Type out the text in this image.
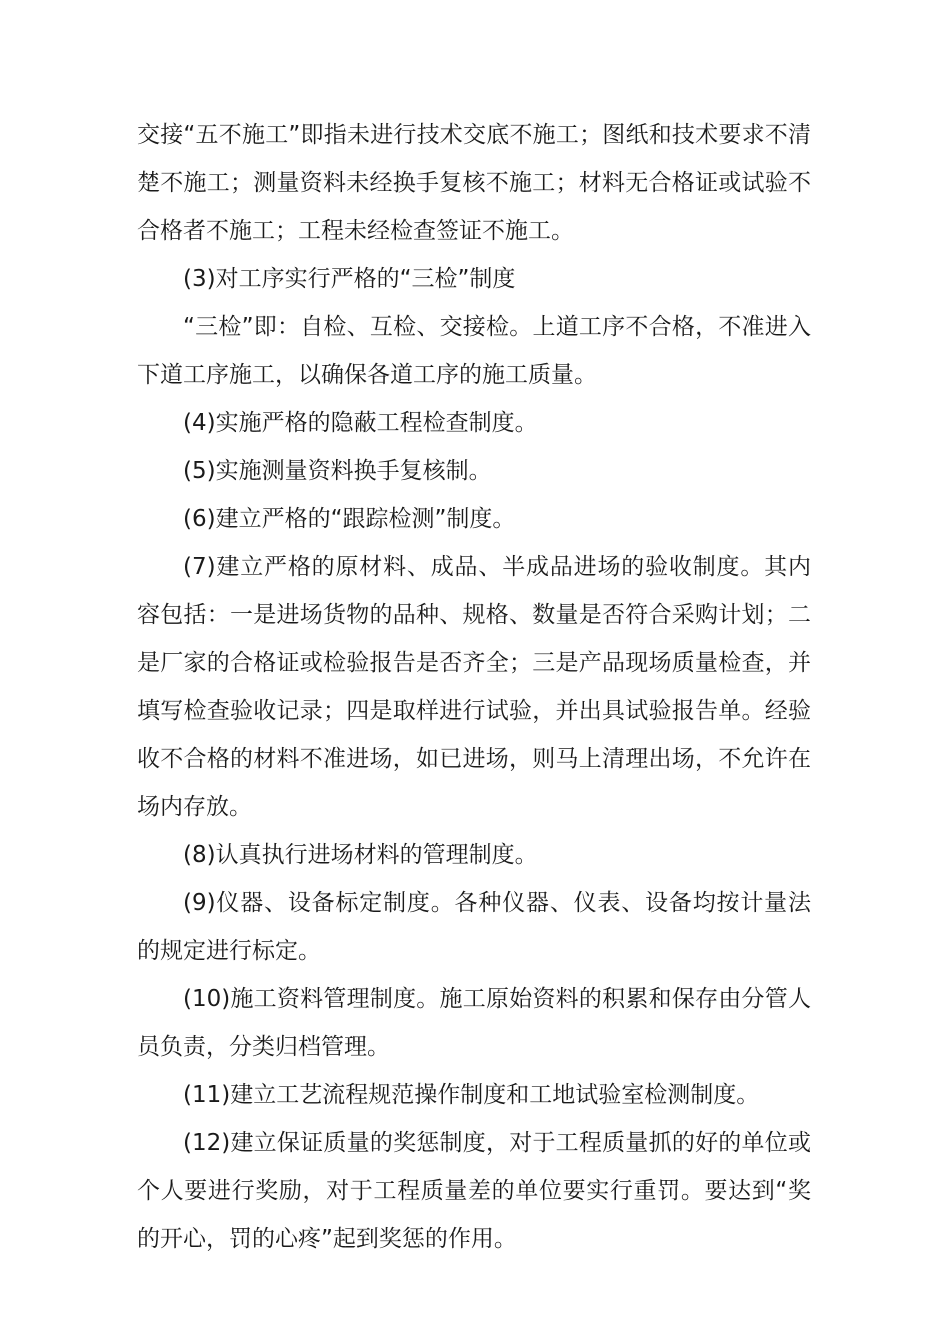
交接“五不施工”即指未进行技术交底不施工；图纸和技术要求不清楚不施工；测量资料未经换手复核不施工；材料无合格证或试验不合格者不施工；工程未经检查签证不施工。

(3)对工序实行严格的“三检”制度

“三检”即：自检、互检、交接检。上道工序不合格，不准进入下道工序施工，以确保各道工序的施工质量。

(4)实施严格的隐蔽工程检查制度。

(5)实施测量资料换手复核制。

(6)建立严格的“跟踪检测”制度。

(7)建立严格的原材料、成品、半成品进场的验收制度。其内容包括：一是进场货物的品种、规格、数量是否符合采购计划；二是厂家的合格证或检验报告是否齐全；三是产品现场质量检查，并填写检查验收记录；四是取样进行试验，并出具试验报告单。经验收不合格的材料不准进场，如已进场，则马上清理出场，不允许在场内存放。

(8)认真执行进场材料的管理制度。

(9)仪器、设备标定制度。各种仪器、仪表、设备均按计量法的规定进行标定。

(10)施工资料管理制度。施工原始资料的积累和保存由分管人员负责，分类归档管理。

(11)建立工艺流程规范操作制度和工地试验室检测制度。

(12)建立保证质量的奖惩制度，对于工程质量抓的好的单位或个人要进行奖励，对于工程质量差的单位要实行重罚。要达到“奖的开心，罚的心疼”起到奖惩的作用。
